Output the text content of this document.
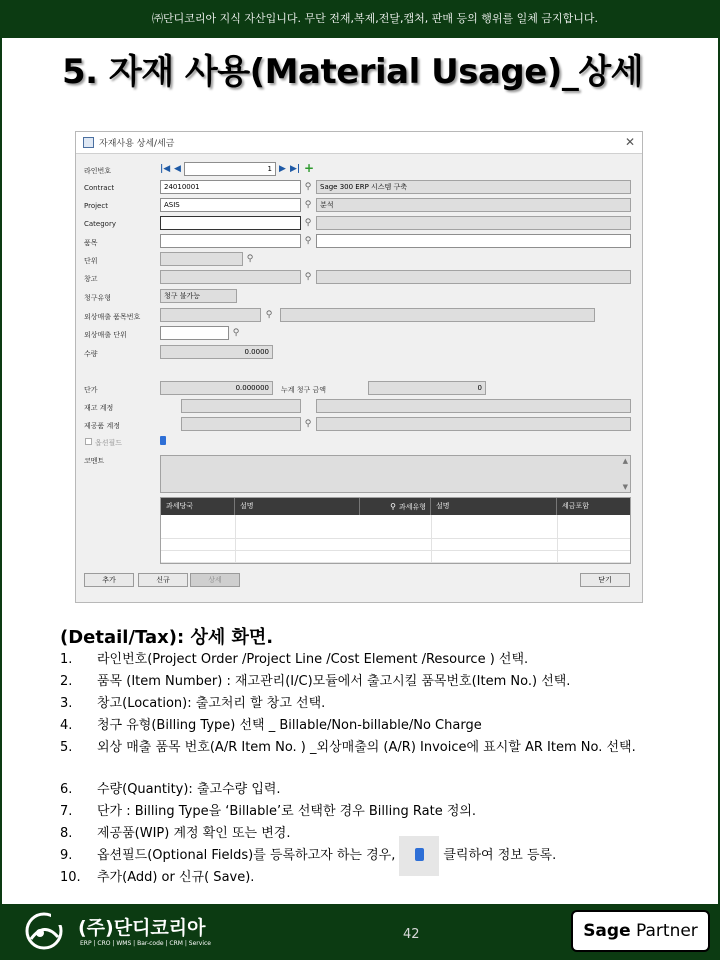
㈜단디코리아 지식 자산입니다. 무단 전재,복제,전달,캡처, 판매 등의 행위를 일체 금지합니다.
5. 자재 사용(Material Usage)_상세
자재사용 상세/세금	✕
라인번호	|◀ ◀	1 ▶ ▶| +
Contract	24010001	⚲	Sage 300 ERP 시스템 구축
Project	ASIS	⚲	분석
Category	⚲
품목	⚲
단위	⚲
창고	⚲
청구유형	청구 불가능
외상매출 품목번호	⚲
외상매출 단위	⚲
수량	0.0000
단가	0.000000	누계 청구 금액	0
재고 계정
제공품 계정	⚲
옵션필드
코멘트	▲
▼
과세당국	설명	⚲ 과세유형	설명	세금포함
추가	신규	상세	닫기
(Detail/Tax): 상세 화면.
1. 라인번호(Project Order /Project Line /Cost Element /Resource ) 선택.
2. 품목 (Item Number) : 재고관리(I/C)모듈에서 출고시킬 품목번호(Item No.) 선택.
3. 창고(Location): 출고처리 할 창고 선택.
4. 청구 유형(Billing Type) 선택 _ Billable/Non-billable/No Charge
5. 외상 매출 품목 번호(A/R Item No. ) _외상매출의 (A/R) Invoice에 표시할 AR Item No. 선택.
6. 수량(Quantity): 출고수량 입력.
7. 단가 : Billing Type을 ‘Billable’로 선택한 경우 Billing Rate 정의.
8. 제공품(WIP) 계정 확인 또는 변경.
9. 옵션필드(Optional Fields)를 등록하고자 하는 경우,	클릭하여 정보 등록.
10. 추가(Add) or 신규( Save).
(주)단디코리아
ERP | CRO | WMS | Bar-code | CRM | Service
42	Sage Partner
